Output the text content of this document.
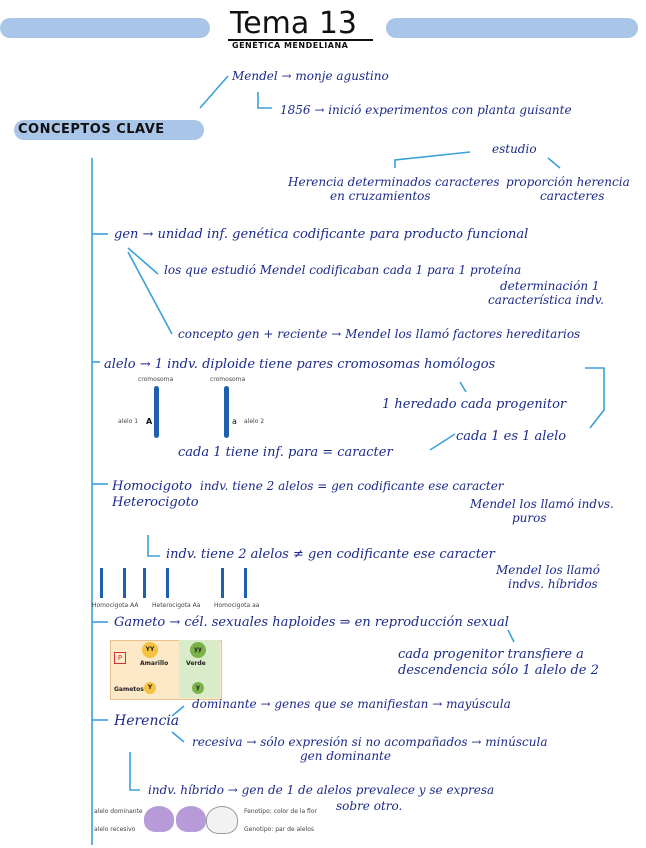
Tema 13
GENÉTICA MENDELIANA
CONCEPTOS CLAVE
Mendel → monje agustino
1856 → inició experimentos con planta guisante
estudio
Herencia determinados caracteres
en cruzamientos
proporción herencia
caracteres
gen → unidad inf. genética codificante para producto funcional
los que estudió Mendel codificaban cada 1 para 1 proteína
determinación 1
característica indv.
concepto gen + reciente → Mendel los llamó factores hereditarios
alelo → 1 indv. diploide tiene pares cromosomas homólogos
1 heredado cada progenitor
cada 1 es 1 alelo
cada 1 tiene inf. para = caracter
cromosoma	cromosoma
alelo 1 A	a alelo 2
Homocigoto
Heterocigoto
indv. tiene 2 alelos = gen codificante ese caracter
Mendel los llamó indvs.
puros
indv. tiene 2 alelos ≠ gen codificante ese caracter
Mendel los llamó
indvs. híbridos
Homocigota AA Heterocigota Aa Homocigota aa
Gameto → cél. sexuales haploides ⇒ en reproducción sexual
cada progenitor transfiere a
descendencia sólo 1 alelo de 2
P
YY	yy
Amarillo	Verde
Gametos Y	y
Herencia
dominante → genes que se manifiestan → mayúscula
recesiva → sólo expresión si no acompañados → minúscula
gen dominante
indv. híbrido → gen de 1 de alelos prevalece y se expresa
sobre otro.
alelo dominante
alelo recesivo
Fenotipo: color de la flor
Genotipo: par de alelos
